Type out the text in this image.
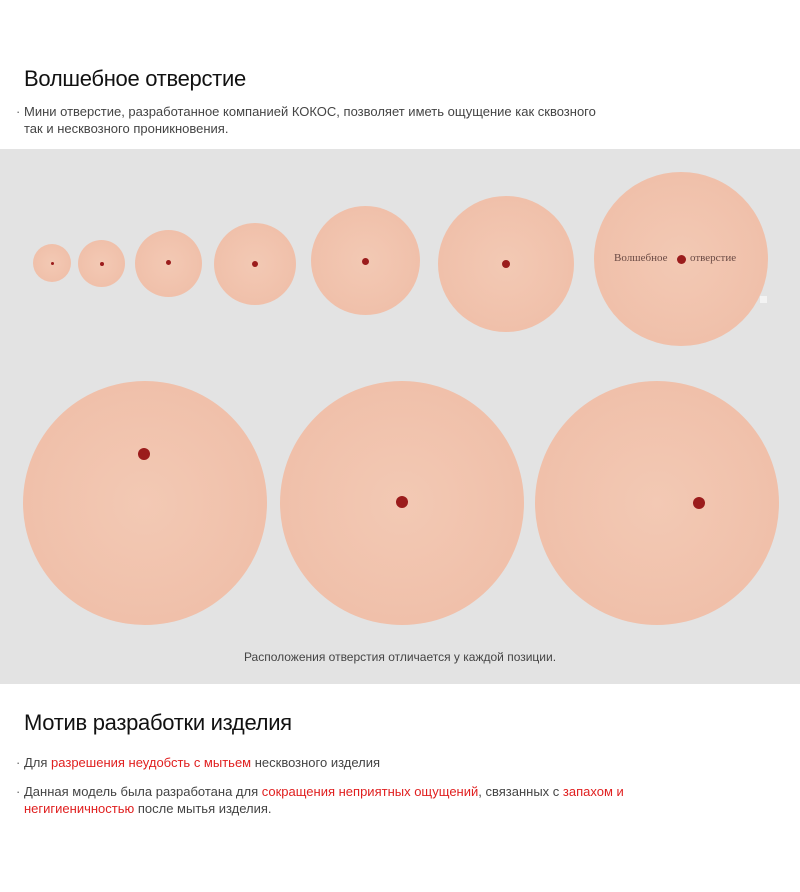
Волшебное отверстие

· Мини отверстие, разработанное компанией КОКОС, позволяет иметь ощущение как сквозного
так и несквозного проникновения.

Волшебное отверстие
Расположения отверстия отличается у каждой позиции.
Мотив разработки изделия

· Для разрешения неудобсть с мытьем несквозного изделия

· Данная модель была разработана для сокращения неприятных ощущений, связанных с запахом и
негигиеничностью после мытья изделия.
